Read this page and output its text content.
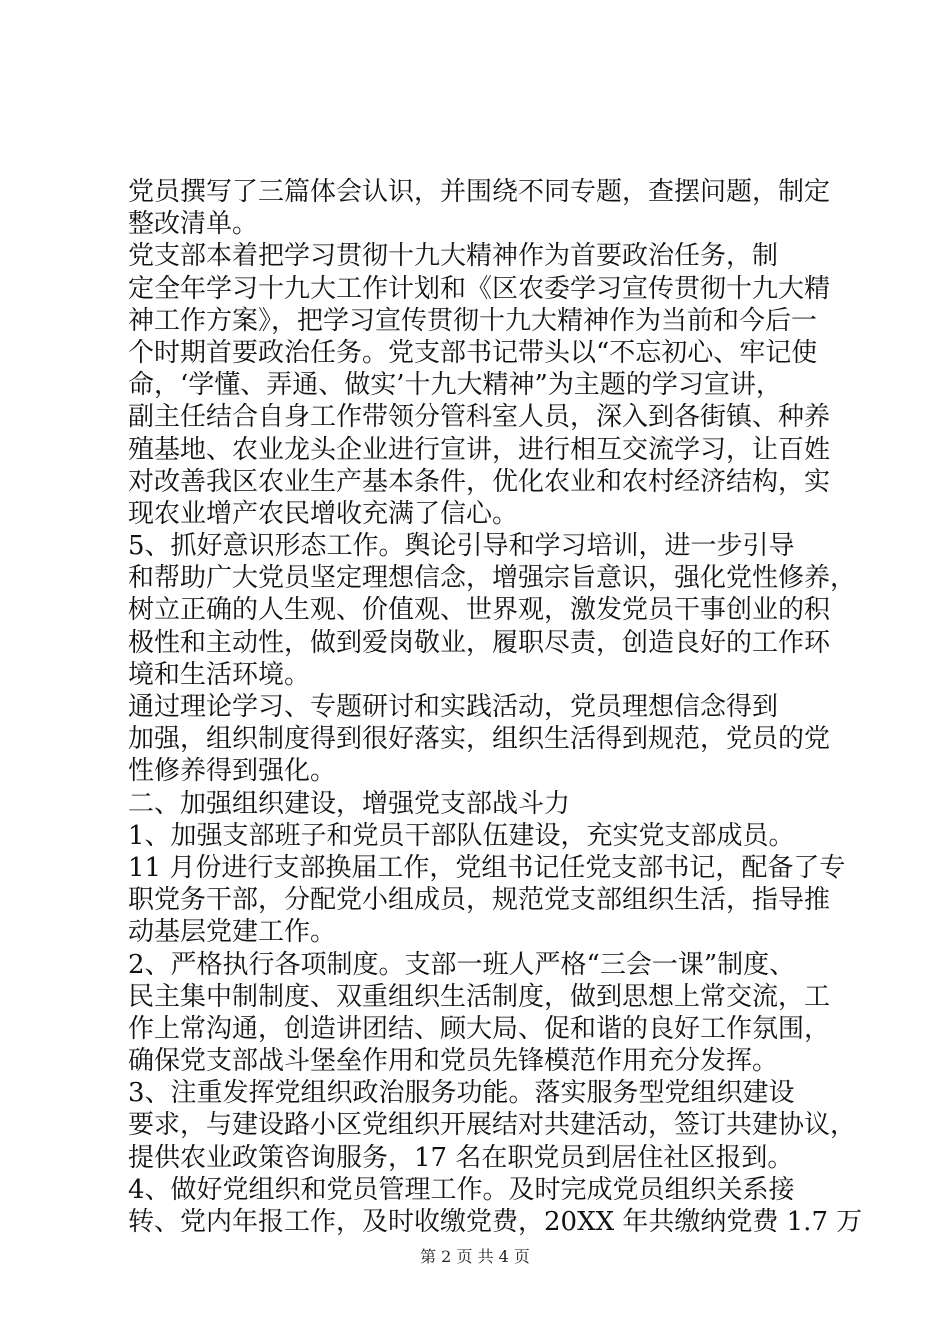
党员撰写了三篇体会认识，并围绕不同专题，查摆问题，制定
整改清单。

党支部本着把学习贯彻十九大精神作为首要政治任务，制
定全年学习十九大工作计划和《区农委学习宣传贯彻十九大精
神工作方案》，把学习宣传贯彻十九大精神作为当前和今后一
个时期首要政治任务。党支部书记带头以“不忘初心、牢记使
命，‘学懂、弄通、做实’十九大精神”为主题的学习宣讲，
副主任结合自身工作带领分管科室人员，深入到各街镇、种养
殖基地、农业龙头企业进行宣讲，进行相互交流学习，让百姓
对改善我区农业生产基本条件，优化农业和农村经济结构，实
现农业增产农民增收充满了信心。

5、抓好意识形态工作。舆论引导和学习培训，进一步引导
和帮助广大党员坚定理想信念，增强宗旨意识，强化党性修养，
树立正确的人生观、价值观、世界观，激发党员干事创业的积
极性和主动性，做到爱岗敬业，履职尽责，创造良好的工作环
境和生活环境。

通过理论学习、专题研讨和实践活动，党员理想信念得到
加强，组织制度得到很好落实，组织生活得到规范，党员的党
性修养得到强化。

二、加强组织建设，增强党支部战斗力

1、加强支部班子和党员干部队伍建设，充实党支部成员。
11 月份进行支部换届工作，党组书记任党支部书记，配备了专
职党务干部，分配党小组成员，规范党支部组织生活，指导推
动基层党建工作。

2、严格执行各项制度。支部一班人严格“三会一课”制度、
民主集中制制度、双重组织生活制度，做到思想上常交流，工
作上常沟通，创造讲团结、顾大局、促和谐的良好工作氛围，
确保党支部战斗堡垒作用和党员先锋模范作用充分发挥。

3、注重发挥党组织政治服务功能。落实服务型党组织建设
要求，与建设路小区党组织开展结对共建活动，签订共建协议，
提供农业政策咨询服务，17 名在职党员到居住社区报到。

4、做好党组织和党员管理工作。及时完成党员组织关系接
转、党内年报工作，及时收缴党费，20XX 年共缴纳党费 1.7 万

第 2 页 共 4 页
